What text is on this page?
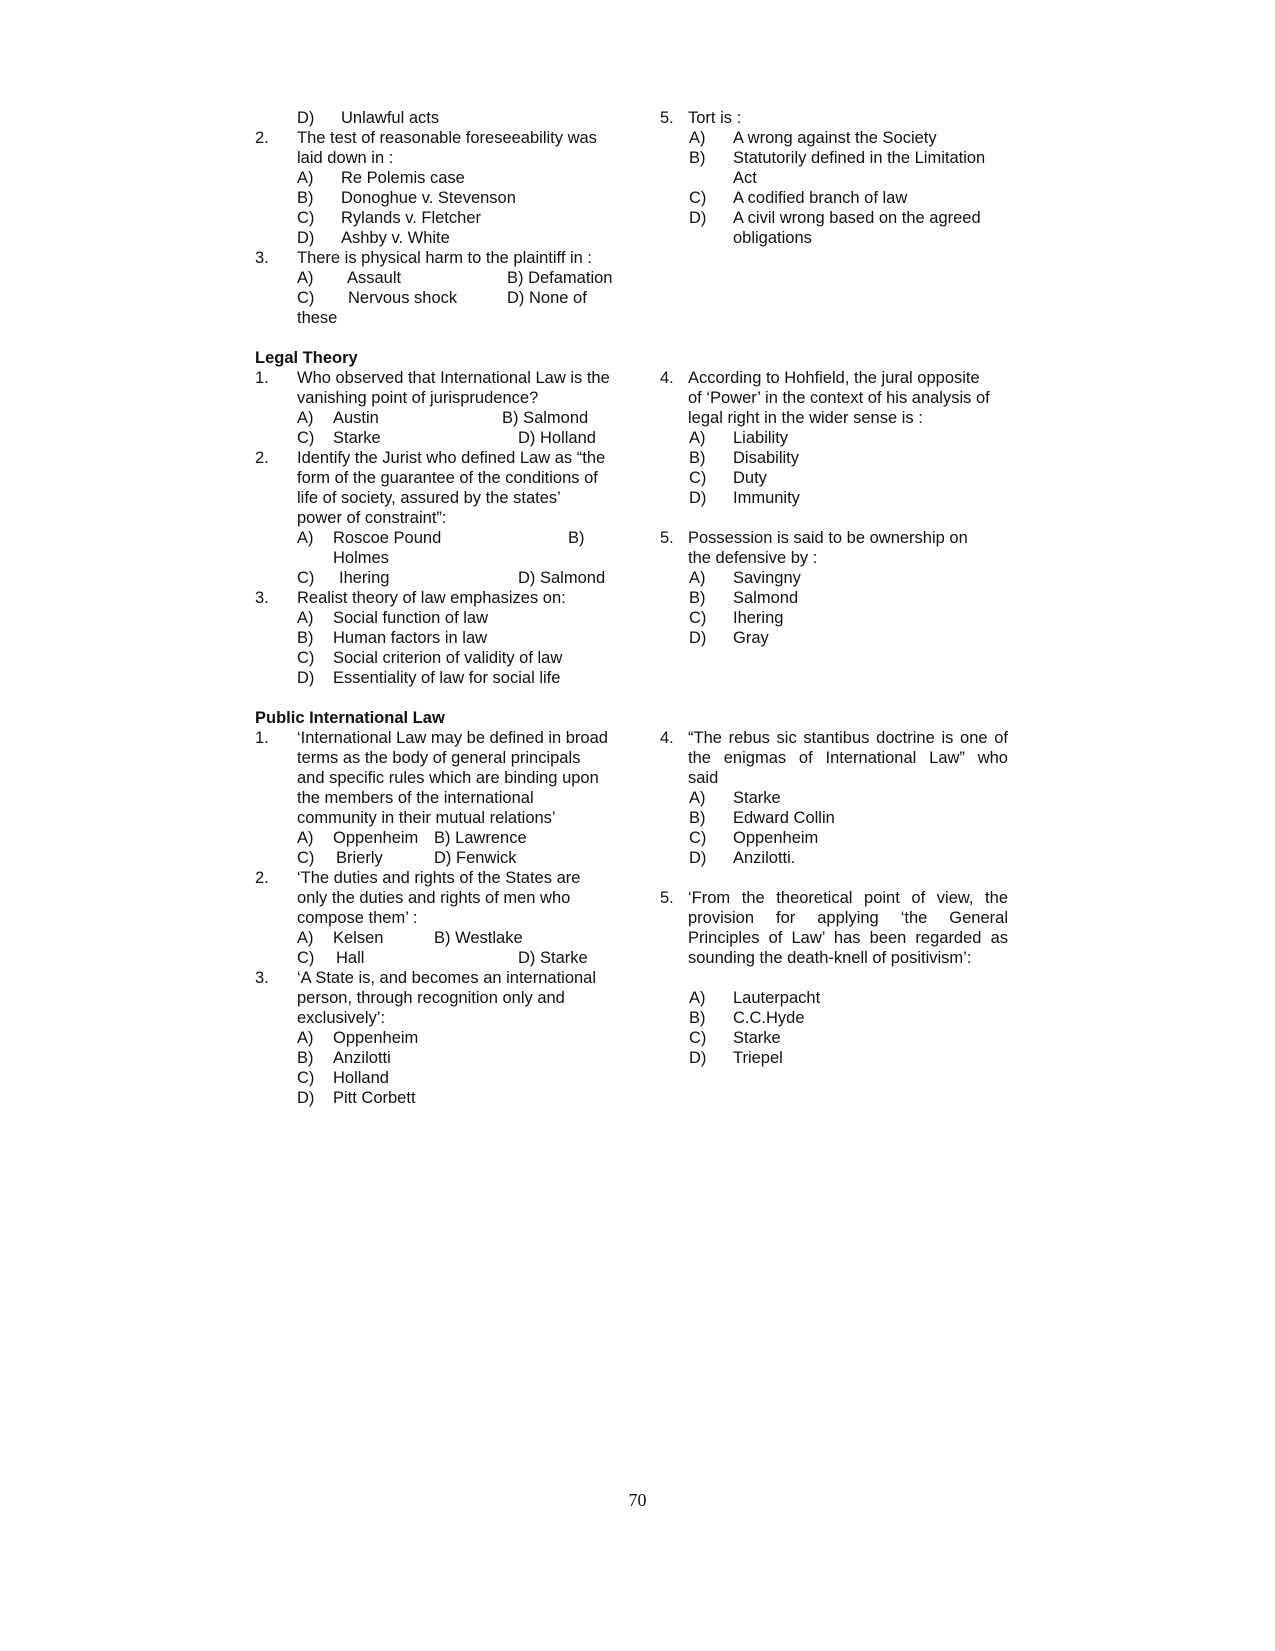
D) Unlawful acts
2. The test of reasonable foreseeability was
laid down in :
A) Re Polemis case
B) Donoghue v. Stevenson
C) Rylands v. Fletcher
D) Ashby v. White
3. There is physical harm to the plaintiff in :
A) Assault	B) Defamation
C) Nervous shock	D) None of
these
Legal Theory
1. Who observed that International Law is the
vanishing point of jurisprudence?
A) Austin	B) Salmond
C) Starke	D) Holland
2. Identify the Jurist who defined Law as “the
form of the guarantee of the conditions of
life of society, assured by the states’
power of constraint”:
A) Roscoe Pound	B)
Holmes
C) Ihering	D) Salmond
3. Realist theory of law emphasizes on:
A) Social function of law
B) Human factors in law
C) Social criterion of validity of law
D) Essentiality of law for social life
Public International Law
1. ‘International Law may be defined in broad
terms as the body of general principals
and specific rules which are binding upon
the members of the international
community in their mutual relations’
A) Oppenheim B) Lawrence
C) Brierly	D) Fenwick
2. ‘The duties and rights of the States are
only the duties and rights of men who
compose them’ :
A) Kelsen	B) Westlake
C) Hall	D) Starke
3. ‘A State is, and becomes an international
person, through recognition only and
exclusively’:
A) Oppenheim
B) Anzilotti
C) Holland
D) Pitt Corbett
5. Tort is :
A) A wrong against the Society
B) Statutorily defined in the Limitation
Act
C) A codified branch of law
D) A civil wrong based on the agreed
obligations
4. According to Hohfield, the jural opposite
of ‘Power’ in the context of his analysis of
legal right in the wider sense is :
A) Liability
B) Disability
C) Duty
D) Immunity
5. Possession is said to be ownership on
the defensive by :
A) Savingny
B) Salmond
C) Ihering
D) Gray
4. “The rebus sic stantibus doctrine is one of
the enigmas of International Law” who
said
A) Starke
B) Edward Collin
C) Oppenheim
D) Anzilotti.
5. ‘From the theoretical point of view, the
provision for applying ‘the General
Principles of Law’ has been regarded as
sounding the death-knell of positivism’:
A) Lauterpacht
B) C.C.Hyde
C) Starke
D) Triepel
70
